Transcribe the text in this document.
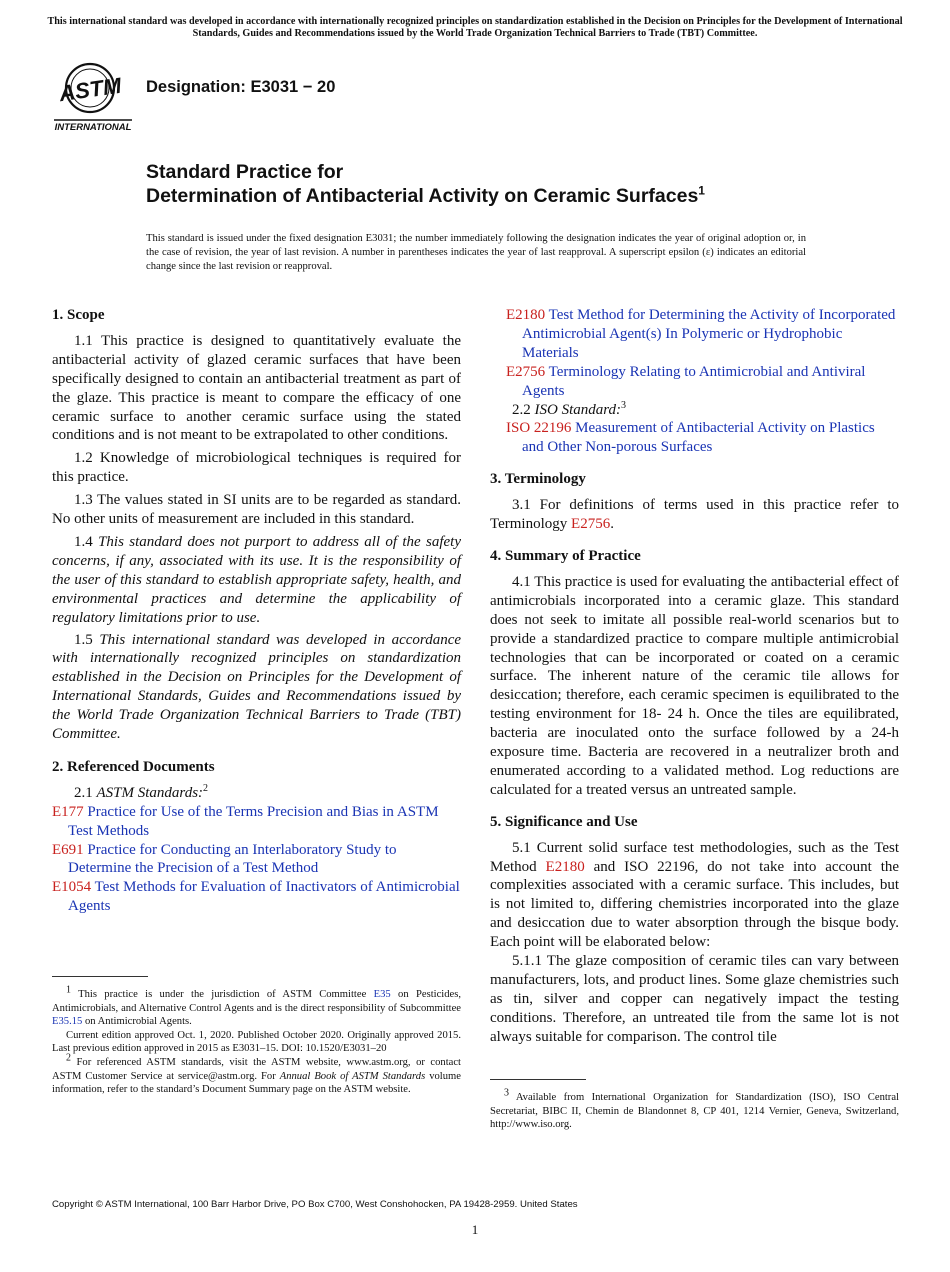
This international standard was developed in accordance with internationally recognized principles on standardization established in the Decision on Principles for the Development of International Standards, Guides and Recommendations issued by the World Trade Organization Technical Barriers to Trade (TBT) Committee.
ASTM
INTERNATIONAL
Designation: E3031 − 20
Standard Practice for
Determination of Antibacterial Activity on Ceramic Surfaces$^1$
This standard is issued under the fixed designation E3031; the number immediately following the designation indicates the year of original adoption or, in the case of revision, the year of last revision. A number in parentheses indicates the year of last reapproval. A superscript epsilon (ε) indicates an editorial change since the last revision or reapproval.

1. Scope

1.1 This practice is designed to quantitatively evaluate the antibacterial activity of glazed ceramic surfaces that have been specifically designed to contain an antibacterial treatment as part of the glaze. This practice is meant to compare the efficacy of one ceramic surface to another ceramic surface using the stated conditions and is not meant to be extrapolated to other conditions.

1.2 Knowledge of microbiological techniques is required for this practice.

1.3 The values stated in SI units are to be regarded as standard. No other units of measurement are included in this standard.

1.4 This standard does not purport to address all of the safety concerns, if any, associated with its use. It is the responsibility of the user of this standard to establish appropriate safety, health, and environmental practices and determine the applicability of regulatory limitations prior to use.

1.5 This international standard was developed in accordance with internationally recognized principles on standardization established in the Decision on Principles for the Development of International Standards, Guides and Recommendations issued by the World Trade Organization Technical Barriers to Trade (TBT) Committee.

2. Referenced Documents

2.1 ASTM Standards:$^2$

E177 Practice for Use of the Terms Precision and Bias in ASTM Test Methods

E691 Practice for Conducting an Interlaboratory Study to Determine the Precision of a Test Method

E1054 Test Methods for Evaluation of Inactivators of Antimicrobial Agents

$^1$ This practice is under the jurisdiction of ASTM Committee E35 on Pesticides, Antimicrobials, and Alternative Control Agents and is the direct responsibility of Subcommittee E35.15 on Antimicrobial Agents.

Current edition approved Oct. 1, 2020. Published October 2020. Originally approved 2015. Last previous edition approved in 2015 as E3031–15. DOI: 10.1520/E3031–20

$^2$ For referenced ASTM standards, visit the ASTM website, www.astm.org, or contact ASTM Customer Service at service@astm.org. For Annual Book of ASTM Standards volume information, refer to the standard’s Document Summary page on the ASTM website.

E2180 Test Method for Determining the Activity of Incorporated Antimicrobial Agent(s) In Polymeric or Hydrophobic Materials

E2756 Terminology Relating to Antimicrobial and Antiviral Agents

2.2 ISO Standard:$^3$

ISO 22196 Measurement of Antibacterial Activity on Plastics and Other Non-porous Surfaces

3. Terminology

3.1 For definitions of terms used in this practice refer to Terminology E2756.

4. Summary of Practice

4.1 This practice is used for evaluating the antibacterial effect of antimicrobials incorporated into a ceramic glaze. This standard does not seek to imitate all possible real-world scenarios but to provide a standardized practice to compare multiple antimicrobial technologies that can be incorporated or coated on a ceramic surface. The inherent nature of the ceramic tile allows for desiccation; therefore, each ceramic specimen is equilibrated to the testing environment for 18- 24 h. Once the tiles are equilibrated, bacteria are inoculated onto the surface followed by a 24-h exposure time. Bacteria are recovered in a neutralizer broth and enumerated according to a validated method. Log reductions are calculated for a treated versus an untreated sample.

5. Significance and Use

5.1 Current solid surface test methodologies, such as the Test Method E2180 and ISO 22196, do not take into account the complexities associated with a ceramic surface. This includes, but is not limited to, differing chemistries incorporated into the glaze and desiccation due to water absorption through the bisque body. Each point will be elaborated below:

5.1.1 The glaze composition of ceramic tiles can vary between manufacturers, lots, and product lines. Some glaze chemistries such as tin, silver and copper can negatively impact the testing conditions. Therefore, an untreated tile from the same lot is not always suitable for comparison. The control tile

$^3$ Available from International Organization for Standardization (ISO), ISO Central Secretariat, BIBC II, Chemin de Blandonnet 8, CP 401, 1214 Vernier, Geneva, Switzerland, http://www.iso.org.

Copyright © ASTM International, 100 Barr Harbor Drive, PO Box C700, West Conshohocken, PA 19428-2959. United States
1
